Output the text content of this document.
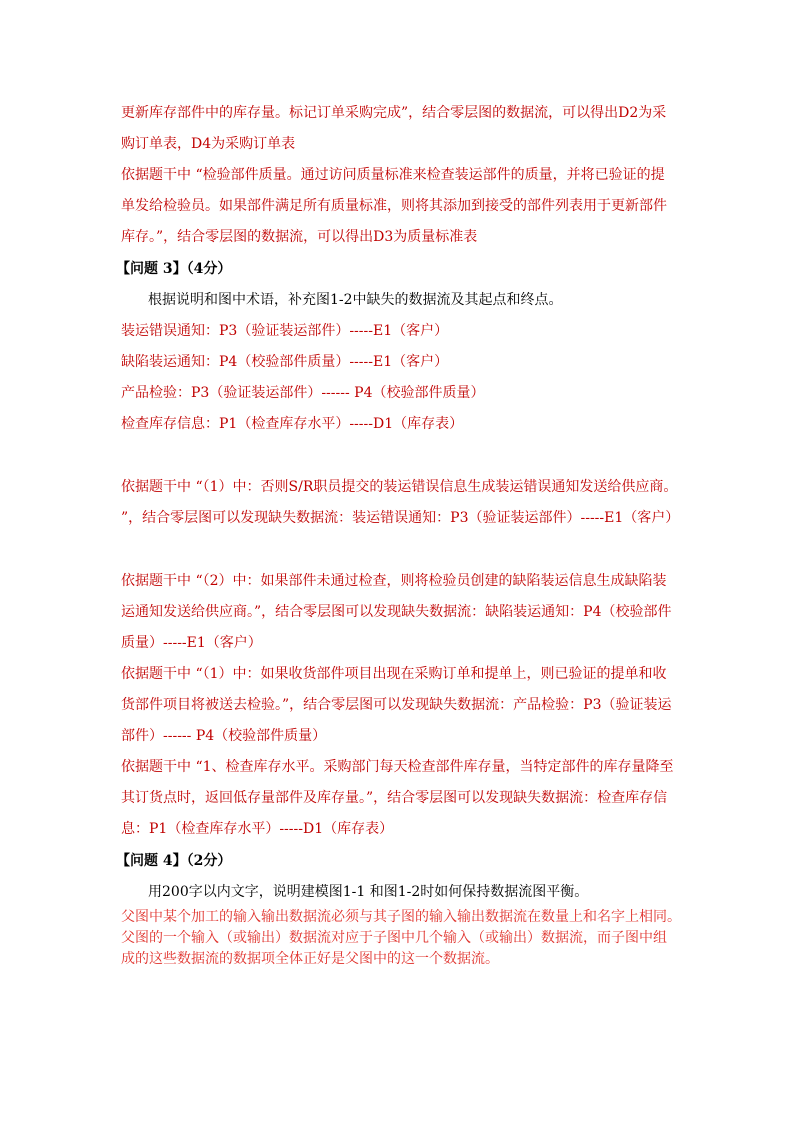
更新库存部件中的库存量。标记订单采购完成”，结合零层图的数据流，可以得出D2为采
购订单表，D4为采购订单表
依据题干中 “检验部件质量。通过访问质量标准来检查装运部件的质量，并将已验证的提
单发给检验员。如果部件满足所有质量标准，则将其添加到接受的部件列表用于更新部件
库存。”，结合零层图的数据流，可以得出D3为质量标准表
【问题 3】（4分）
根据说明和图中术语，补充图1-2中缺失的数据流及其起点和终点。
装运错误通知：P3（验证装运部件）-----E1（客户）
缺陷装运通知：P4（校验部件质量）-----E1（客户）
产品检验：P3（验证装运部件）------ P4（校验部件质量）
检查库存信息：P1（检查库存水平）-----D1（库存表）
依据题干中 “（1）中：否则S/R职员提交的装运错误信息生成装运错误通知发送给供应商。
”，结合零层图可以发现缺失数据流：装运错误通知：P3（验证装运部件）-----E1（客户）
依据题干中 “（2）中：如果部件未通过检查，则将检验员创建的缺陷装运信息生成缺陷装
运通知发送给供应商。”，结合零层图可以发现缺失数据流：缺陷装运通知：P4（校验部件
质量）-----E1（客户）
依据题干中 “（1）中：如果收货部件项目出现在采购订单和提单上，则已验证的提单和收
货部件项目将被送去检验。”，结合零层图可以发现缺失数据流：产品检验：P3（验证装运
部件）------ P4（校验部件质量）
依据题干中 “1、检查库存水平。采购部门每天检查部件库存量，当特定部件的库存量降至
其订货点时，返回低存量部件及库存量。”，结合零层图可以发现缺失数据流：检查库存信
息：P1（检查库存水平）-----D1（库存表）
【问题 4】（2分）
用200字以内文字，说明建模图1-1 和图1-2时如何保持数据流图平衡。
父图中某个加工的输入输出数据流必须与其子图的输入输出数据流在数量上和名字上相同。
父图的一个输入（或输出）数据流对应于子图中几个输入（或输出）数据流，而子图中组
成的这些数据流的数据项全体正好是父图中的这一个数据流。
